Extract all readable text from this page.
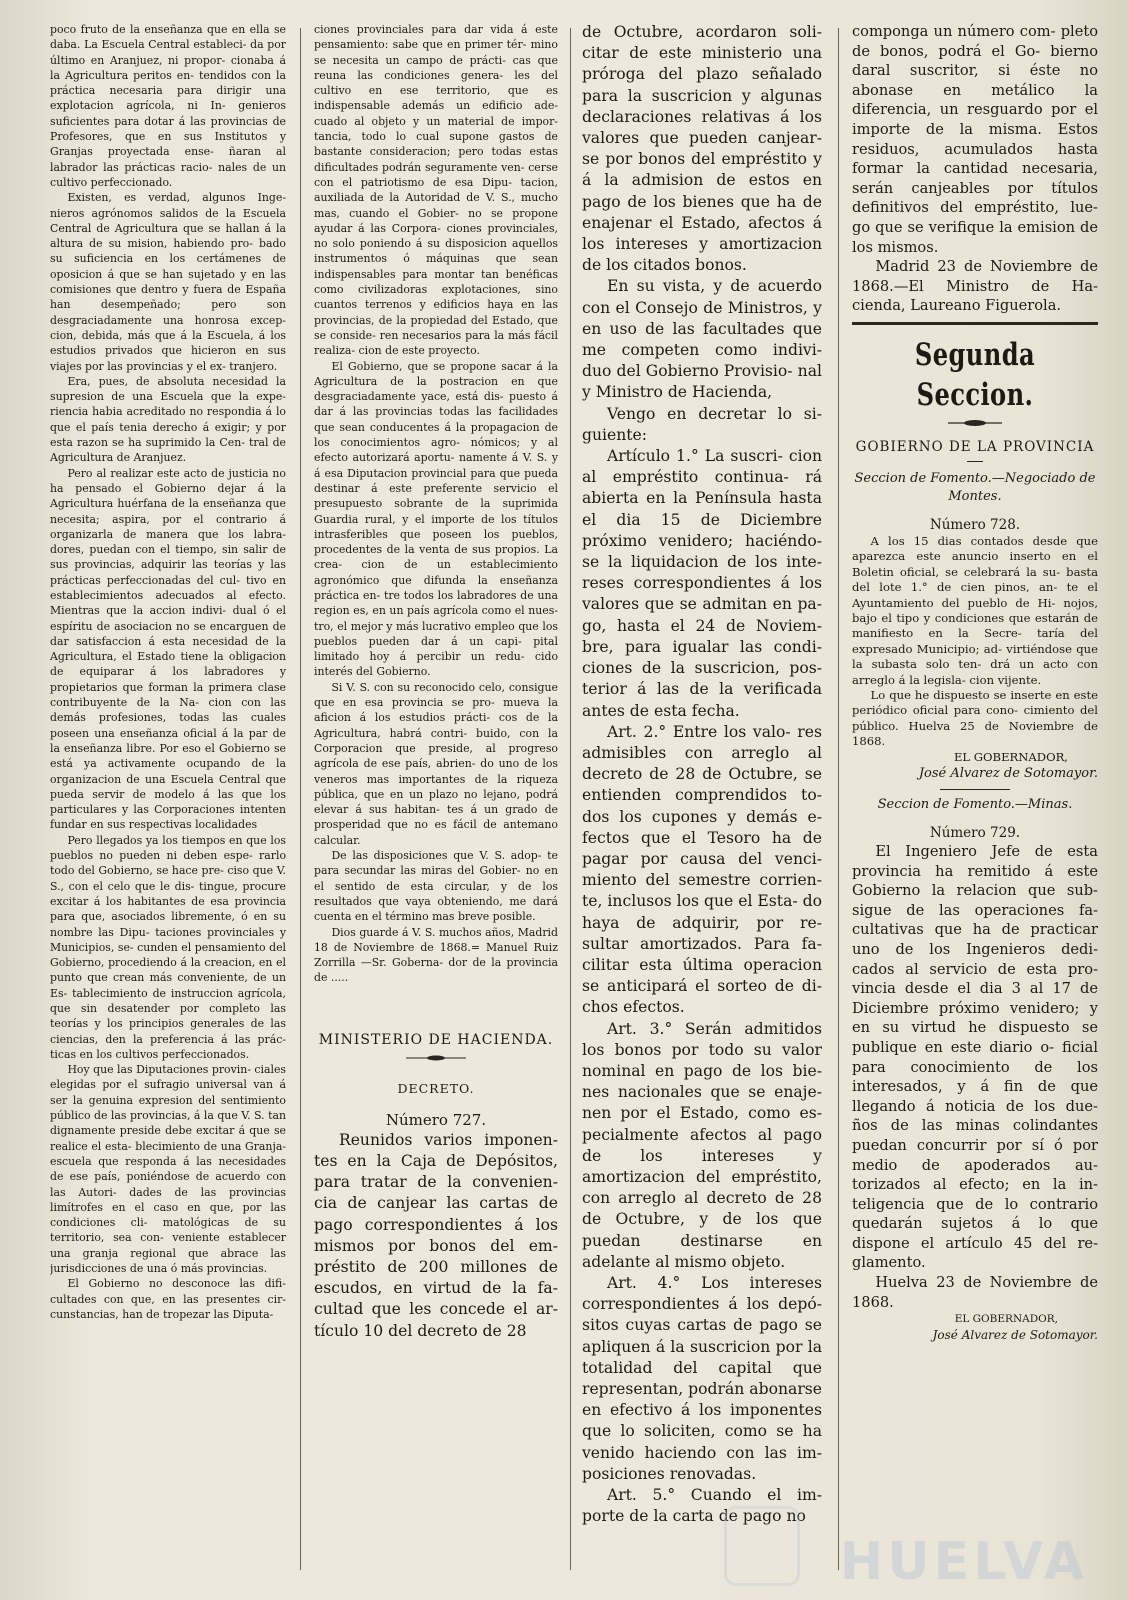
poco fruto de la enseñanza que en ella se daba. La Escuela Central estableci- da por último en Aranjuez, ni propor- cionaba á la Agricultura peritos en- tendidos con la práctica necesaria para dirigir una explotacion agrícola, ni In- genieros suficientes para dotar á las provincias de Profesores, que en sus Institutos y Granjas proyectada ense- ñaran al labrador las prácticas racio- nales de un cultivo perfeccionado.

Existen, es verdad, algunos Inge- nieros agrónomos salidos de la Escuela Central de Agricultura que se hallan á la altura de su mision, habiendo pro- bado su suficiencia en los certámenes de oposicion á que se han sujetado y en las comisiones que dentro y fuera de España han desempeñado; pero son desgraciadamente una honrosa excep- cion, debida, más que á la Escuela, á los estudios privados que hicieron en sus viajes por las provincias y el ex- tranjero.

Era, pues, de absoluta necesidad la supresion de una Escuela que la expe- riencia habia acreditado no respondia á lo que el país tenia derecho á exigir; y por esta razon se ha suprimido la Cen- tral de Agricultura de Aranjuez.

Pero al realizar este acto de justicia no ha pensado el Gobierno dejar á la Agricultura huérfana de la enseñanza que necesita; aspira, por el contrario á organizarla de manera que los labra- dores, puedan con el tiempo, sin salir de sus provincias, adquirir las teorías y las prácticas perfeccionadas del cul- tivo en establecimientos adecuados al efecto. Mientras que la accion indivi- dual ó el espíritu de asociacion no se encarguen de dar satisfaccion á esta necesidad de la Agricultura, el Estado tiene la obligacion de equiparar á los labradores y propietarios que forman la primera clase contribuyente de la Na- cion con las demás profesiones, todas las cuales poseen una enseñanza oficial á la par de la enseñanza libre. Por eso el Gobierno se está ya activamente ocupando de la organizacion de una Escuela Central que pueda servir de modelo á las que los particulares y las Corporaciones intenten fundar en sus respectivas localidades

Pero llegados ya los tiempos en que los pueblos no pueden ni deben espe- rarlo todo del Gobierno, se hace pre- ciso que V. S., con el celo que le dis- tingue, procure excitar á los habitantes de esa provincia para que, asociados libremente, ó en su nombre las Dipu- taciones provinciales y Municipios, se- cunden el pensamiento del Gobierno, procediendo á la creacion, en el punto que crean más conveniente, de un Es- tablecimiento de instruccion agrícola, que sin desatender por completo las teorías y los principios generales de las ciencias, den la preferencia á las prác- ticas en los cultivos perfeccionados.

Hoy que las Diputaciones provin- ciales elegidas por el sufragio universal van á ser la genuina expresion del sentimiento público de las provincias, á la que V. S. tan dignamente preside debe excitar á que se realice el esta- blecimiento de una Granja-escuela que responda á las necesidades de ese país, poniéndose de acuerdo con las Autori- dades de las provincias limítrofes en el caso en que, por las condiciones cli- matológicas de su territorio, sea con- veniente establecer una granja regional que abrace las jurisdicciones de una ó más provincias.

El Gobierno no desconoce las difi- cultades con que, en las presentes cir- cunstancias, han de tropezar las Diputa-

ciones provinciales para dar vida á este pensamiento: sabe que en primer tér- mino se necesita un campo de prácti- cas que reuna las condiciones genera- les del cultivo en ese territorio, que es indispensable además un edificio ade- cuado al objeto y un material de impor- tancia, todo lo cual supone gastos de bastante consideracion; pero todas estas dificultades podrán seguramente ven- cerse con el patriotismo de esa Dipu- tacion, auxiliada de la Autoridad de V. S., mucho mas, cuando el Gobier- no se propone ayudar á las Corpora- ciones provinciales, no solo poniendo á su disposicion aquellos instrumentos ó máquinas que sean indispensables para montar tan benéficas como civilizadoras explotaciones, sino cuantos terrenos y edificios haya en las provincias, de la propiedad del Estado, que se conside- ren necesarios para la más fácil realiza- cion de este proyecto.

El Gobierno, que se propone sacar á la Agricultura de la postracion en que desgraciadamente yace, está dis- puesto á dar á las provincias todas las facilidades que sean conducentes á la propagacion de los conocimientos agro- nómicos; y al efecto autorizará aportu- namente á V. S. y á esa Diputacion provincial para que pueda destinar á este preferente servicio el presupuesto sobrante de la suprimida Guardia rural, y el importe de los títulos intrasferibles que poseen los pueblos, procedentes de la venta de sus propios. La crea- cion de un establecimiento agronómico que difunda la enseñanza práctica en- tre todos los labradores de una region es, en un país agrícola como el nues- tro, el mejor y más lucrativo empleo que los pueblos pueden dar á un capi- pital limitado hoy á percibir un redu- cido interés del Gobierno.

Si V. S. con su reconocido celo, consigue que en esa provincia se pro- mueva la aficion á los estudios prácti- cos de la Agricultura, habrá contri- buido, con la Corporacion que preside, al progreso agrícola de ese país, abrien- do uno de los veneros mas importantes de la riqueza pública, que en un plazo no lejano, podrá elevar á sus habitan- tes á un grado de prosperidad que no es fácil de antemano calcular.

De las disposiciones que V. S. adop- te para secundar las miras del Gobier- no en el sentido de esta circular, y de los resultados que vaya obteniendo, me dará cuenta en el término mas breve posible.

Dios guarde á V. S. muchos años, Madrid 18 de Noviembre de 1868.= Manuel Ruiz Zorrilla —Sr. Goberna- dor de la provincia de .....

MINISTERIO DE HACIENDA.
DECRETO.
Número 727.

Reunidos varios imponen- tes en la Caja de Depósitos, para tratar de la convenien- cia de canjear las cartas de pago correspondientes á los mismos por bonos del em- préstito de 200 millones de escudos, en virtud de la fa- cultad que les concede el ar- tículo 10 del decreto de 28

de Octubre, acordaron soli- citar de este ministerio una próroga del plazo señalado para la suscricion y algunas declaraciones relativas á los valores que pueden canjear- se por bonos del empréstito y á la admision de estos en pago de los bienes que ha de enajenar el Estado, afectos á los intereses y amortizacion de los citados bonos.

En su vista, y de acuerdo con el Consejo de Ministros, y en uso de las facultades que me competen como indivi- duo del Gobierno Provisio- nal y Ministro de Hacienda,

Vengo en decretar lo si- guiente:

Artículo 1.° La suscri- cion al empréstito continua- rá abierta en la Península hasta el dia 15 de Diciembre próximo venidero; haciéndo- se la liquidacion de los inte- reses correspondientes á los valores que se admitan en pa- go, hasta el 24 de Noviem- bre, para igualar las condi- ciones de la suscricion, pos- terior á las de la verificada antes de esta fecha.

Art. 2.° Entre los valo- res admisibles con arreglo al decreto de 28 de Octubre, se entienden comprendidos to- dos los cupones y demás e- fectos que el Tesoro ha de pagar por causa del venci- miento del semestre corrien- te, inclusos los que el Esta- do haya de adquirir, por re- sultar amortizados. Para fa- cilitar esta última operacion se anticipará el sorteo de di- chos efectos.

Art. 3.° Serán admitidos los bonos por todo su valor nominal en pago de los bie- nes nacionales que se enaje- nen por el Estado, como es- pecialmente afectos al pago de los intereses y amortizacion del empréstito, con arreglo al decreto de 28 de Octubre, y de los que puedan destinarse en adelante al mismo objeto.

Art. 4.° Los intereses correspondientes á los depó- sitos cuyas cartas de pago se apliquen á la suscricion por la totalidad del capital que representan, podrán abonarse en efectivo á los imponentes que lo soliciten, como se ha venido haciendo con las im- posiciones renovadas.

Art. 5.° Cuando el im- porte de la carta de pago no

componga un número com- pleto de bonos, podrá el Go- bierno daral suscritor, si éste no abonase en metálico la diferencia, un resguardo por el importe de la misma. Estos residuos, acumulados hasta formar la cantidad necesaria, serán canjeables por títulos definitivos del empréstito, lue- go que se verifique la emision de los mismos.

Madrid 23 de Noviembre de 1868.—El Ministro de Ha- cienda, Laureano Figuerola.

Segunda Seccion.
GOBIERNO DE LA PROVINCIA
Seccion de Fomento.—Negociado de Montes.
Número 728.

A los 15 dias contados desde que aparezca este anuncio inserto en el Boletin oficial, se celebrará la su- basta del lote 1.° de cien pinos, an- te el Ayuntamiento del pueblo de Hi- nojos, bajo el tipo y condiciones que estarán de manifiesto en la Secre- taría del expresado Municipio; ad- virtiéndose que la subasta solo ten- drá un acto con arreglo á la legisla- cion vijente.

Lo que he dispuesto se inserte en este periódico oficial para cono- cimiento del público. Huelva 25 de Noviembre de 1868.

EL GOBERNADOR,
José Alvarez de Sotomayor.
Seccion de Fomento.—Minas.
Número 729.

El Ingeniero Jefe de esta provincia ha remitido á este Gobierno la relacion que sub- sigue de las operaciones fa- cultativas que ha de practicar uno de los Ingenieros dedi- cados al servicio de esta pro- vincia desde el dia 3 al 17 de Diciembre próximo venidero; y en su virtud he dispuesto se publique en este diario o- ficial para conocimiento de los interesados, y á fin de que llegando á noticia de los due- ños de las minas colindantes puedan concurrir por sí ó por medio de apoderados au- torizados al efecto; en la in- teligencia que de lo contrario quedarán sujetos á lo que dispone el artículo 45 del re- glamento.

Huelva 23 de Noviembre de 1868.

EL GOBERNADOR,
José Alvarez de Sotomayor.
HUELVA
